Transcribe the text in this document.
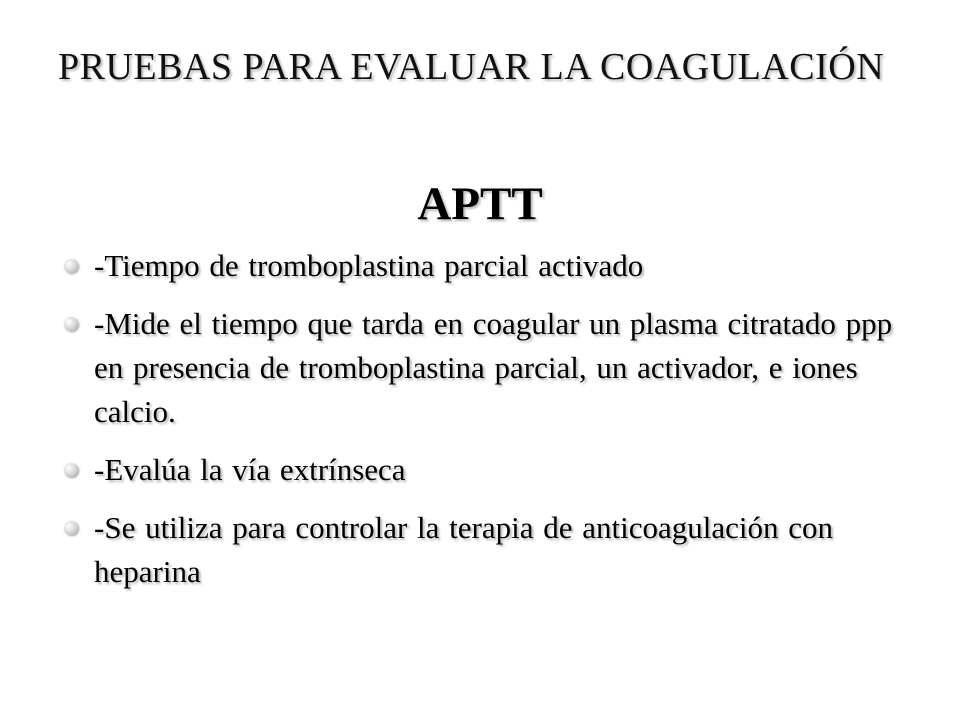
PRUEBAS PARA EVALUAR LA COAGULACIÓN
APTT
-Tiempo de tromboplastina parcial activado
-Mide el tiempo que tarda en coagular un plasma citratado ppp en presencia de tromboplastina parcial, un activador, e iones calcio.
-Evalúa la vía extrínseca
-Se utiliza para controlar la terapia de anticoagulación con heparina
